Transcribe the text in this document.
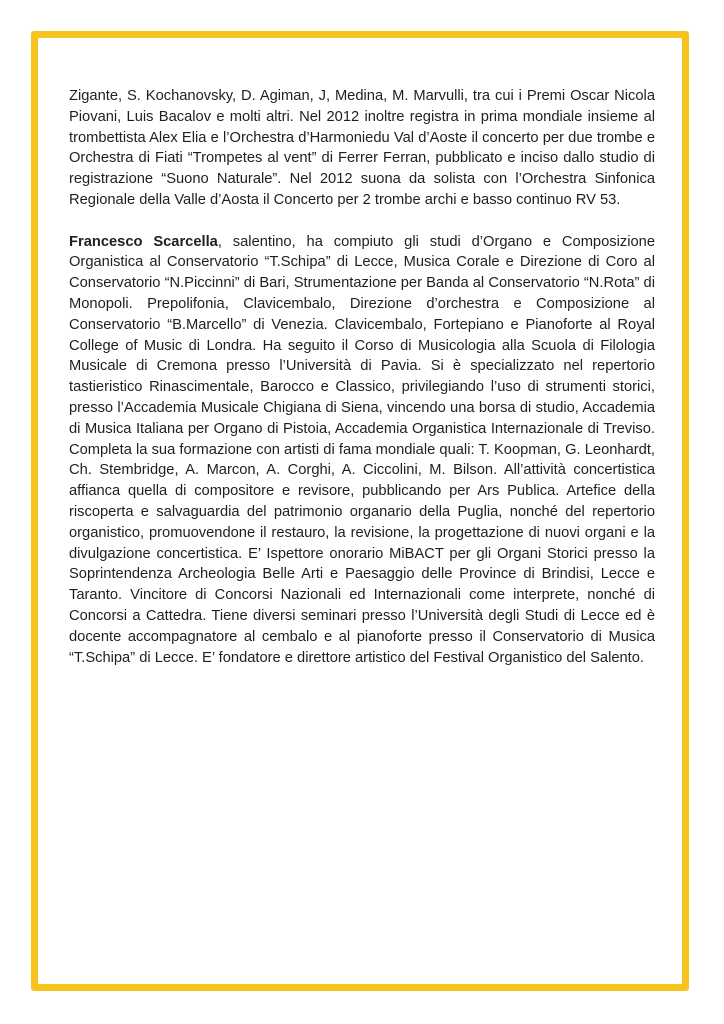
Zigante, S. Kochanovsky, D. Agiman, J, Medina, M. Marvulli, tra cui i Premi Oscar Nicola Piovani, Luis Bacalov e molti altri. Nel 2012 inoltre registra in prima mondiale insieme al trombettista Alex Elia e l’Orchestra d’Harmoniedu Val d’Aoste il concerto per due trombe e Orchestra di Fiati “Trompetes al vent” di Ferrer Ferran, pubblicato e inciso dallo studio di registrazione “Suono Naturale”. Nel 2012 suona da solista con l’Orchestra Sinfonica Regionale della Valle d’Aosta il Concerto per 2 trombe archi e basso continuo RV 53.

Francesco Scarcella, salentino, ha compiuto gli studi d’Organo e Composizione Organistica al Conservatorio “T.Schipa” di Lecce, Musica Corale e Direzione di Coro al Conservatorio “N.Piccinni” di Bari, Strumentazione per Banda al Conservatorio “N.Rota” di Monopoli. Prepolifonia, Clavicembalo, Direzione d’orchestra e Composizione al Conservatorio “B.Marcello” di Venezia. Clavicembalo, Fortepiano e Pianoforte al Royal College of Music di Londra. Ha seguito il Corso di Musicologia alla Scuola di Filologia Musicale di Cremona presso l’Università di Pavia. Si è specializzato nel repertorio tastieristico Rinascimentale, Barocco e Classico, privilegiando l’uso di strumenti storici, presso l’Accademia Musicale Chigiana di Siena, vincendo una borsa di studio, Accademia di Musica Italiana per Organo di Pistoia, Accademia Organistica Internazionale di Treviso. Completa la sua formazione con artisti di fama mondiale quali: T. Koopman, G. Leonhardt, Ch. Stembridge, A. Marcon, A. Corghi, A. Ciccolini, M. Bilson. All’attività concertistica affianca quella di compositore e revisore, pubblicando per Ars Publica. Artefice della riscoperta e salvaguardia del patrimonio organario della Puglia, nonché del repertorio organistico, promuovendone il restauro, la revisione, la progettazione di nuovi organi e la divulgazione concertistica. E’ Ispettore onorario MiBACT per gli Organi Storici presso la Soprintendenza Archeologia Belle Arti e Paesaggio delle Province di Brindisi, Lecce e Taranto. Vincitore di Concorsi Nazionali ed Internazionali come interprete, nonché di Concorsi a Cattedra. Tiene diversi seminari presso l’Università degli Studi di Lecce ed è docente accompagnatore al cembalo e al pianoforte presso il Conservatorio di Musica “T.Schipa” di Lecce. E’ fondatore e direttore artistico del Festival Organistico del Salento.
